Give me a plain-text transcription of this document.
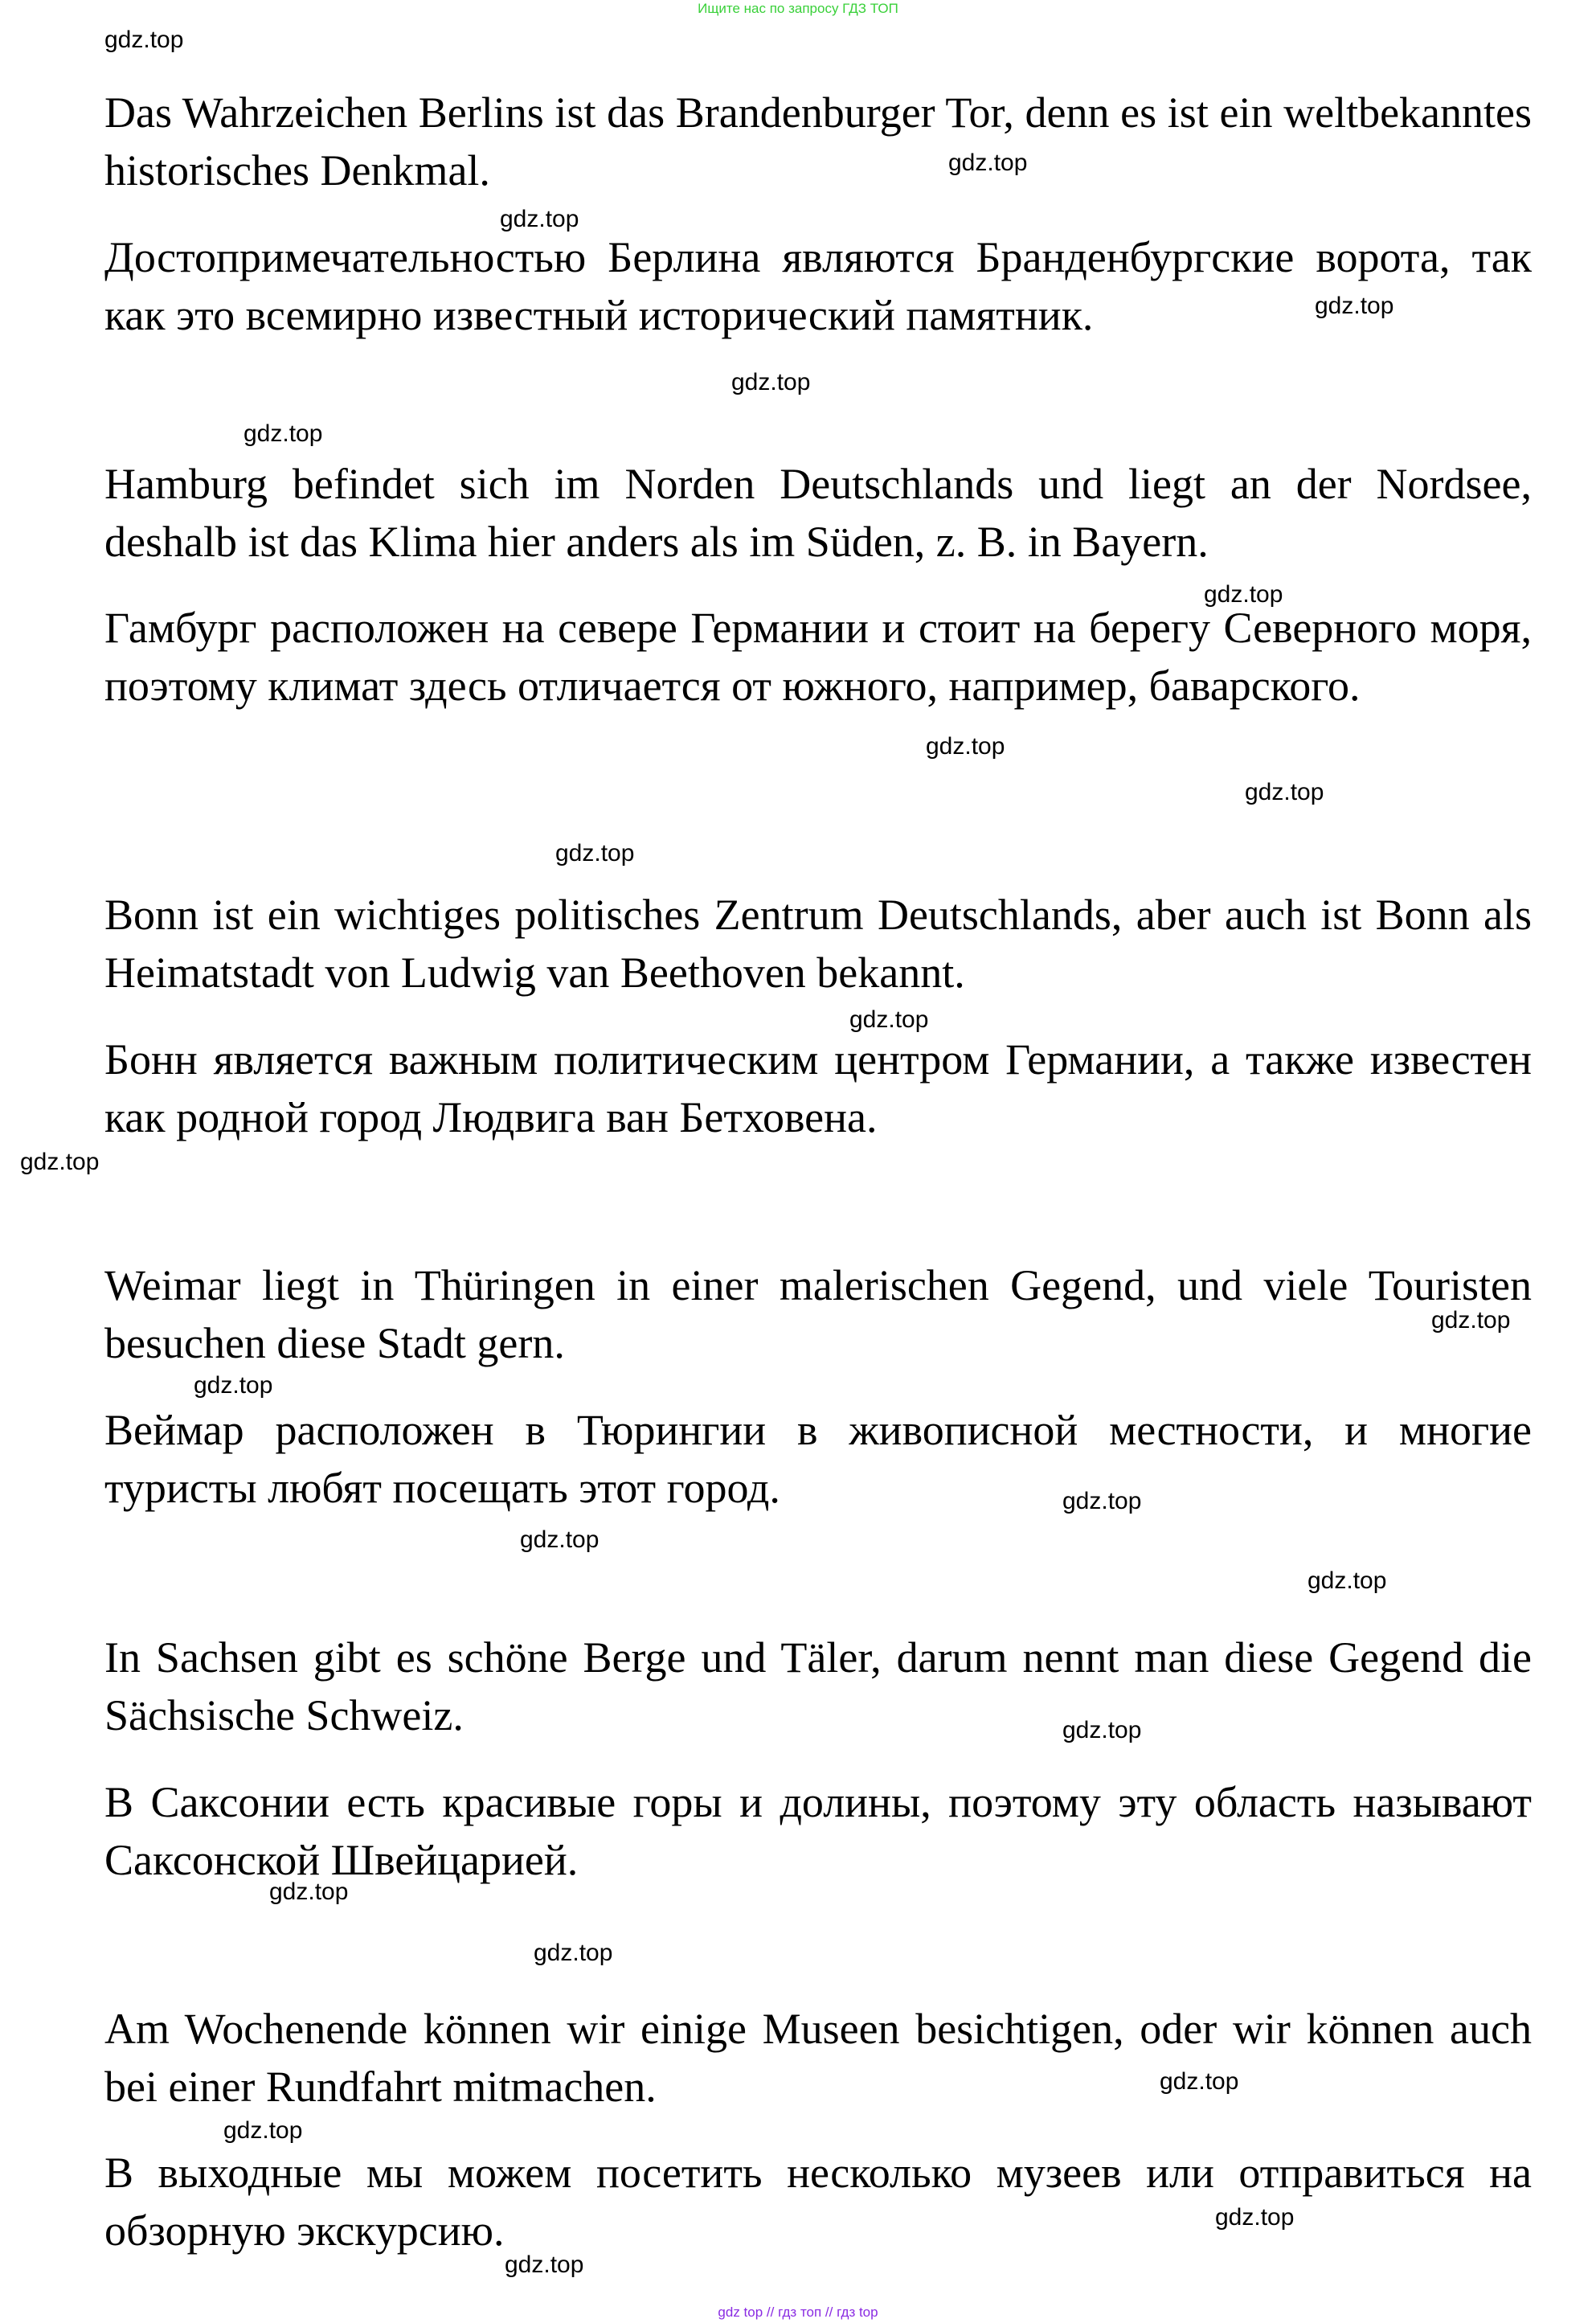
Ищите нас по запросу ГДЗ ТОП

Das Wahrzeichen Berlins ist das Brandenburger Tor, denn es ist ein weltbekanntes historisches Denkmal.

Достопримечательностью Берлина являются Бранденбургские ворота, так как это всемирно известный исторический памятник.

Hamburg befindet sich im Norden Deutschlands und liegt an der Nordsee, deshalb ist das Klima hier anders als im Süden, z. B. in Bayern.

Гамбург расположен на севере Германии и стоит на берегу Северного моря, поэтому климат здесь отличается от южного, например, баварского.

Bonn ist ein wichtiges politisches Zentrum Deutschlands, aber auch ist Bonn als Heimatstadt von Ludwig van Beethoven bekannt.

Бонн является важным политическим центром Германии, а также известен как родной город Людвига ван Бетховена.

Weimar liegt in Thüringen in einer malerischen Gegend, und viele Touristen besuchen diese Stadt gern.

Веймар расположен в Тюрингии в живописной местности, и многие туристы любят посещать этот город.

In Sachsen gibt es schöne Berge und Täler, darum nennt man diese Gegend die Sächsische Schweiz.

В Саксонии есть красивые горы и долины, поэтому эту область называют Саксонской Швейцарией.

Am Wochenende können wir einige Museen besichtigen, oder wir können auch bei einer Rundfahrt mitmachen.

В выходные мы можем посетить несколько музеев или отправиться на обзорную экскурсию.

gdz.top
gdz.top
gdz.top
gdz.top
gdz.top
gdz.top
gdz.top
gdz.top
gdz.top
gdz.top
gdz.top
gdz.top
gdz.top
gdz.top
gdz.top
gdz.top
gdz.top
gdz.top
gdz.top
gdz.top
gdz.top
gdz.top
gdz.top
gdz.top
gdz top // гдз топ // гдз top
